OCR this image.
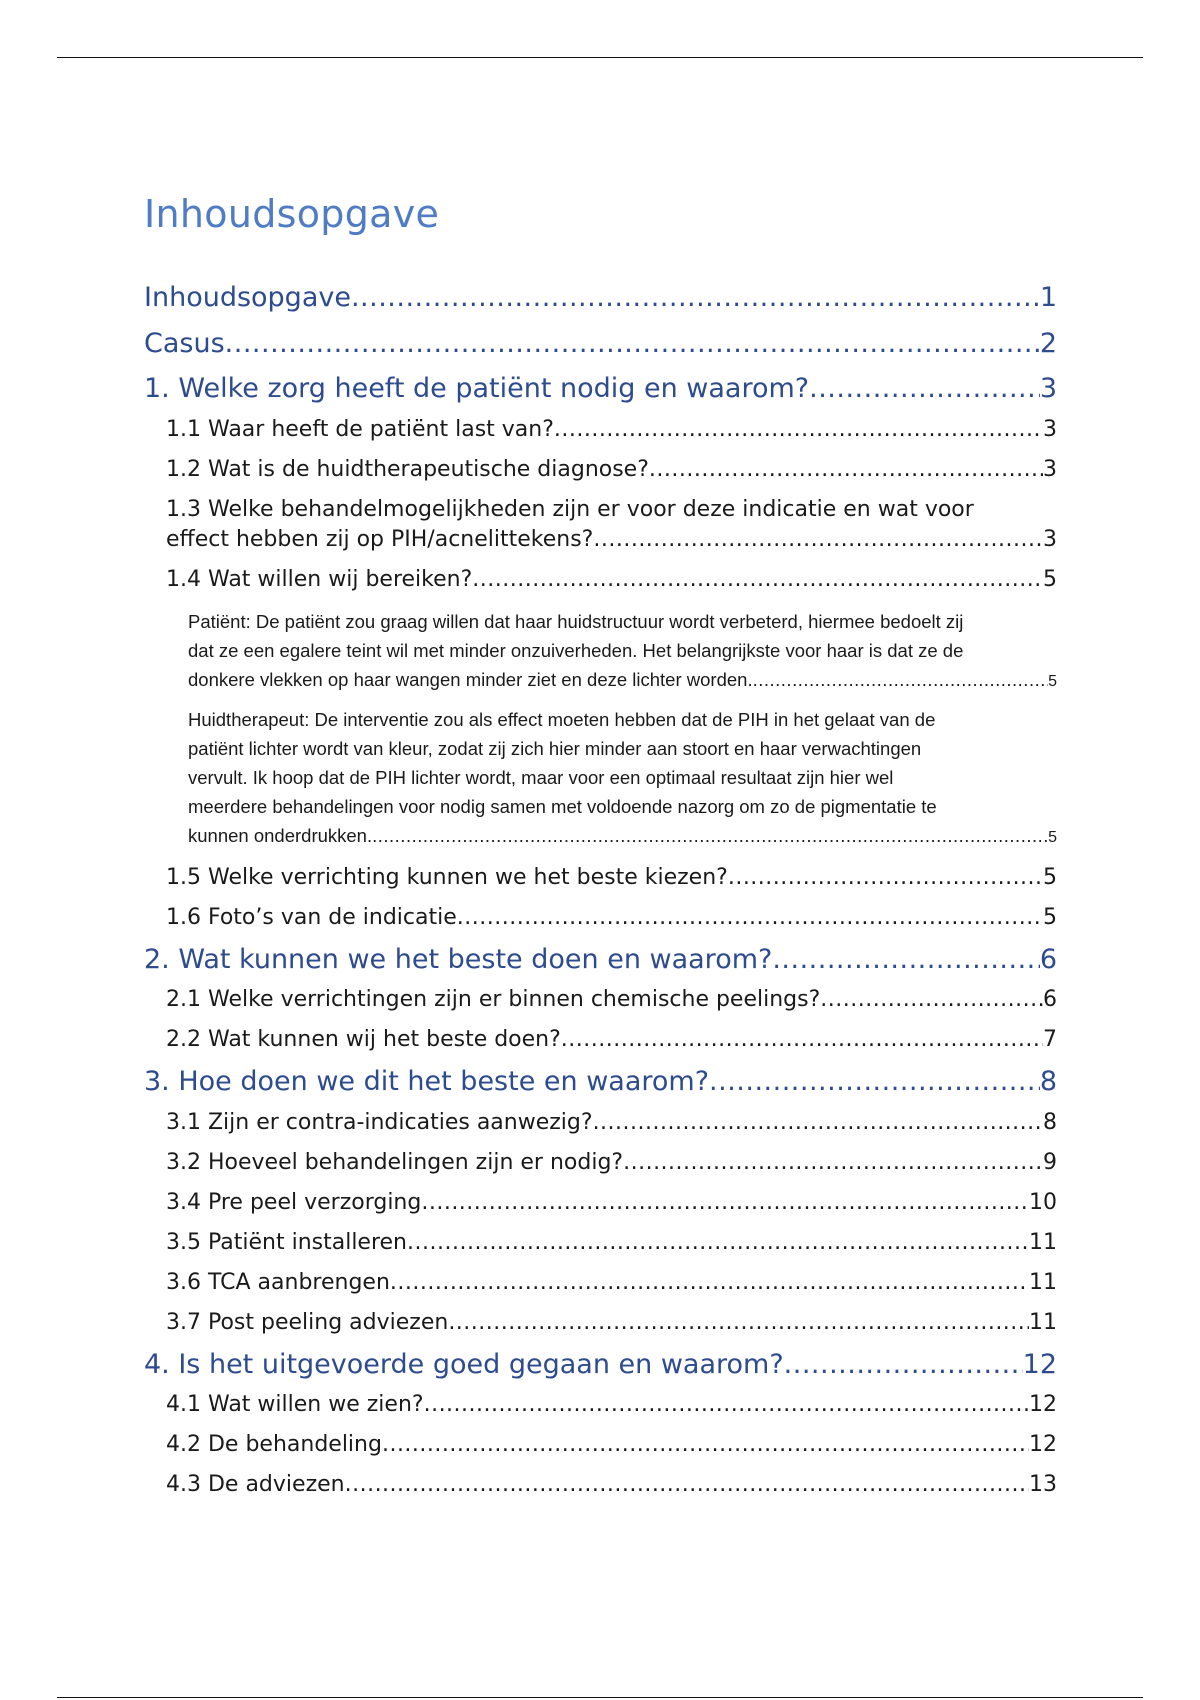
Inhoudsopgave
Inhoudsopgave .....	1
Casus .....	2
1. Welke zorg heeft de patiënt nodig en waarom? .....	3
1.1 Waar heeft de patiënt last van? .....	3
1.2 Wat is de huidtherapeutische diagnose? .....	3
1.3 Welke behandelmogelijkheden zijn er voor deze indicatie en wat voor
effect hebben zij op PIH/acnelittekens? .....	3
1.4 Wat willen wij bereiken? .....	5
Patiënt: De patiënt zou graag willen dat haar huidstructuur wordt verbeterd, hiermee bedoelt zij
dat ze een egalere teint wil met minder onzuiverheden. Het belangrijkste voor haar is dat ze de
donkere vlekken op haar wangen minder ziet en deze lichter worden. .....	5
Huidtherapeut: De interventie zou als effect moeten hebben dat de PIH in het gelaat van de
patiënt lichter wordt van kleur, zodat zij zich hier minder aan stoort en haar verwachtingen
vervult. Ik hoop dat de PIH lichter wordt, maar voor een optimaal resultaat zijn hier wel
meerdere behandelingen voor nodig samen met voldoende nazorg om zo de pigmentatie te
kunnen onderdrukken. .....	5
1.5 Welke verrichting kunnen we het beste kiezen? .....	5
1.6 Foto’s van de indicatie .....	5
2. Wat kunnen we het beste doen en waarom? .....	6
2.1 Welke verrichtingen zijn er binnen chemische peelings? .....	6
2.2 Wat kunnen wij het beste doen? .....	7
3. Hoe doen we dit het beste en waarom? .....	8
3.1 Zijn er contra-indicaties aanwezig? .....	8
3.2 Hoeveel behandelingen zijn er nodig? .....	9
3.4 Pre peel verzorging .....	10
3.5 Patiënt installeren .....	11
3.6 TCA aanbrengen .....	11
3.7 Post peeling adviezen .....	11
4. Is het uitgevoerde goed gegaan en waarom? .....	12
4.1 Wat willen we zien? .....	12
4.2 De behandeling .....	12
4.3 De adviezen .....	13
